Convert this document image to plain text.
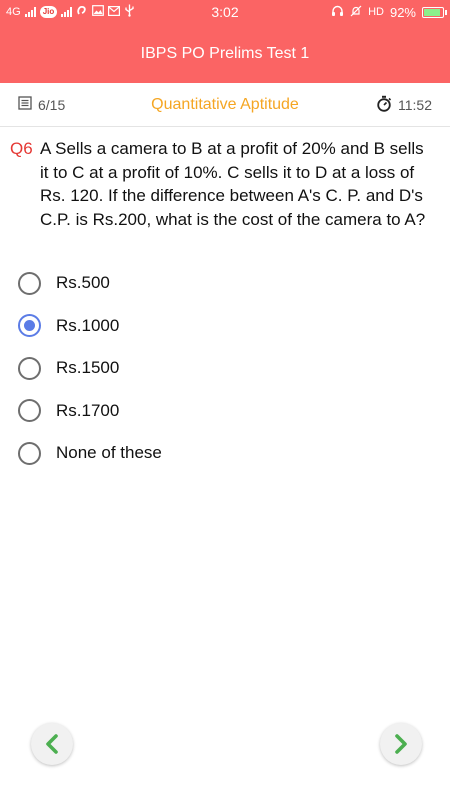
4G	Jio	3:02	HD 92%
IBPS PO Prelims Test 1
6/15	Quantitative Aptitude	11:52
Q6 A Sells a camera to B at a profit of 20% and B sells it to C at a profit of 10%. C sells it to D at a loss of Rs. 120. If the difference between A's C. P. and D's C.P. is Rs.200, what is the cost of the camera to A?
Rs.500
Rs.1000
Rs.1500
Rs.1700
None of these
